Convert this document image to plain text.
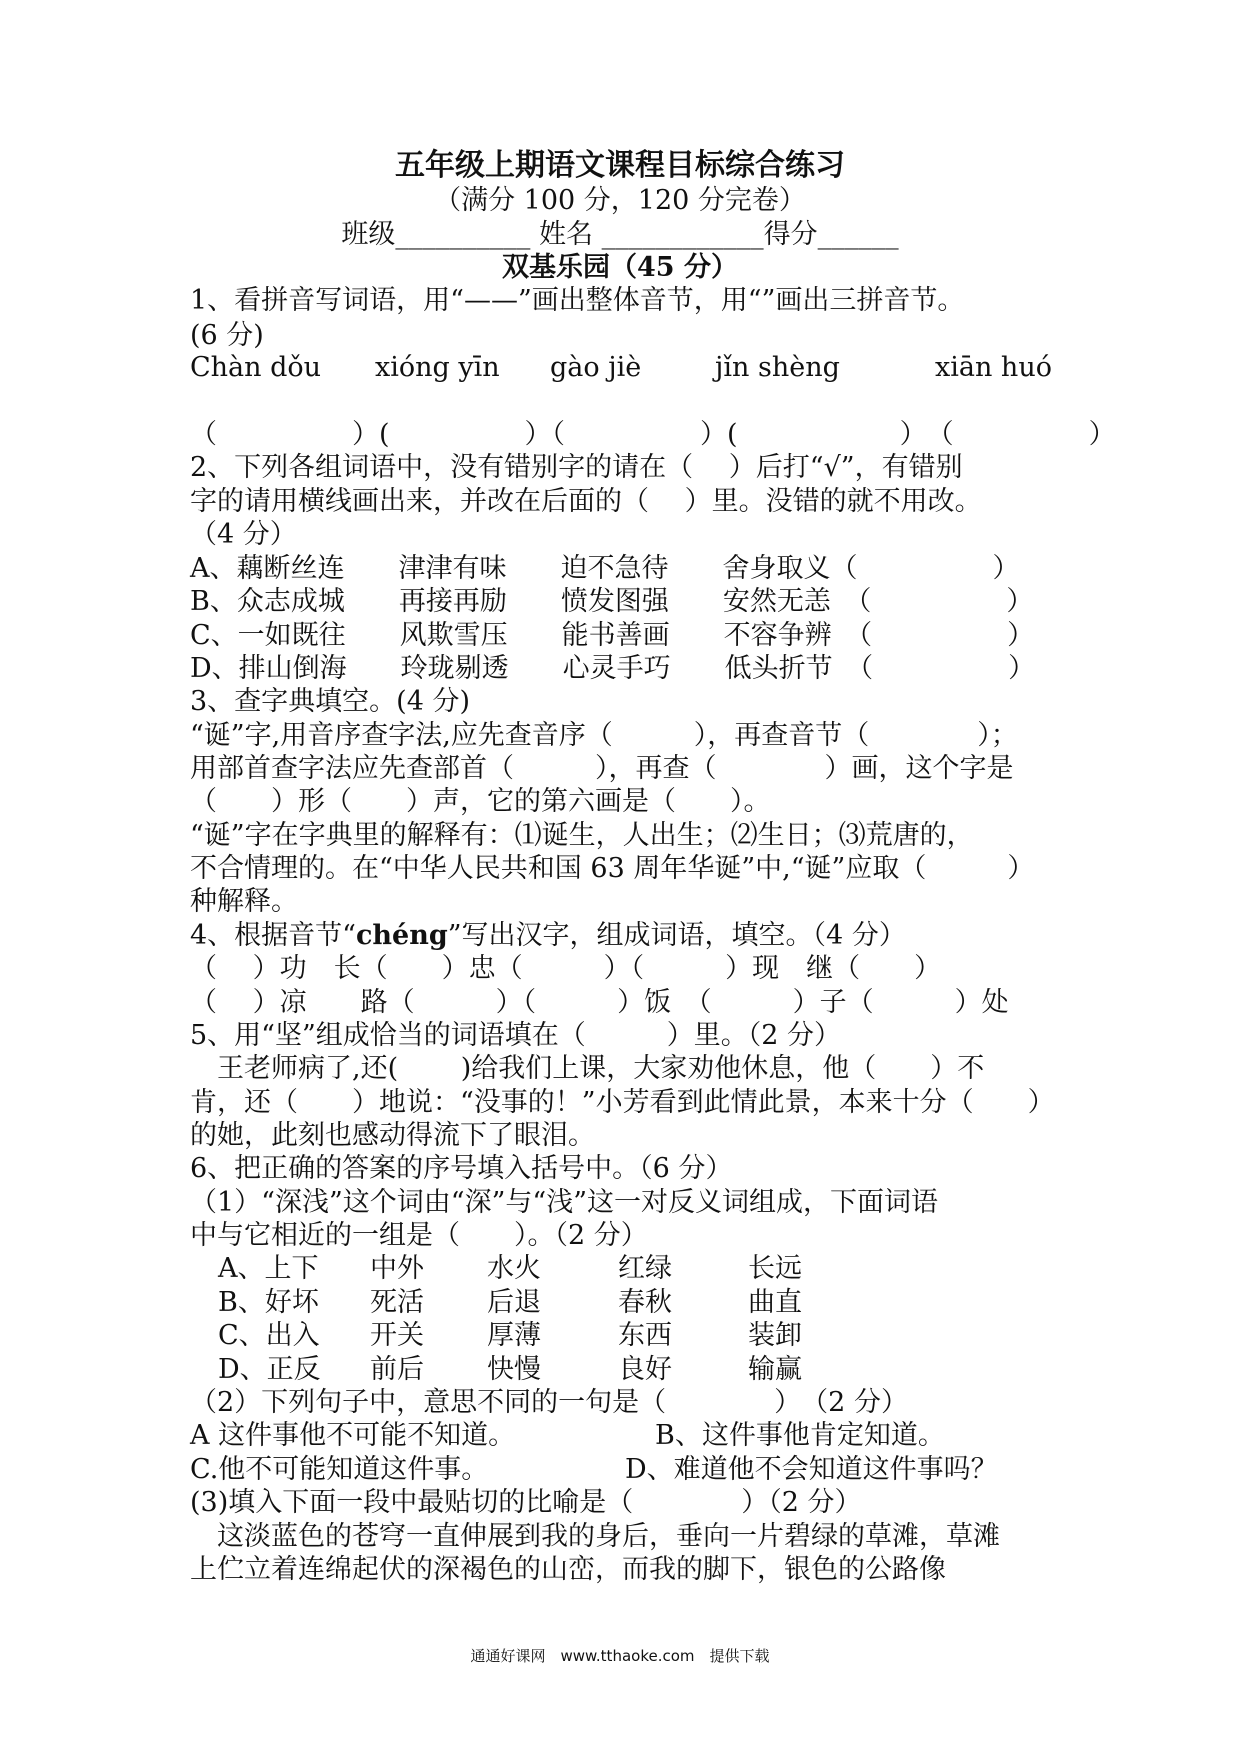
五年级上期语文课程目标综合练习
（满分 100 分，120 分完卷）
班级__________ 姓名 ____________得分______
双基乐园（45 分）
1、看拼音写词语，用“——”画出整体音节，用“”画出三拼音节。
(6 分)
Chàn dǒu xióng yīn gào jiè	jǐn shèng	xiān huó
（　　　　　）(　　　　　）（　　　　　）(　　　　　　）　（　　　　　）
2、下列各组词语中，没有错别字的请在（　 ）后打“√”，有错别
字的请用横线画出来，并改在后面的（　 ）里。没错的就不用改。
（4 分）
A、藕断丝连　　津津有味　　迫不急待　　舍身取义（　　　　　）
B、众志成城　　再接再励　　愤发图强　　安然无恙　（　　　　　）
C、一如既往　　风欺雪压　　能书善画　　不容争辨　（　　　　　）
D、排山倒海　　玲珑剔透　　心灵手巧　　低头折节　（　　　　　）
3、查字典填空。(4 分)
“诞”字,用音序查字法,应先查音序（　　　），再查音节（　　　　）；
用部首查字法应先查部首（　　　），再查（　　　　）画，这个字是
（　　）形（　　）声，它的第六画是（　　）。
“诞”字在字典里的解释有：⑴诞生，人出生；⑵生日；⑶荒唐的，
不合情理的。在“中华人民共和国 63 周年华诞”中,“诞”应取（　　　）
种解释。
4、根据音节“chéng”写出汉字，组成词语，填空。（4 分）
（　 ）功　长（　　）忠（　　　）（　　　）现　继（　　）
（　 ）凉　　路（　　　）（　　　）饭　（　　　）子（　　　）处
5、用“坚”组成恰当的词语填在（　　　）里。（2 分）
　王老师病了,还(　　 )给我们上课，大家劝他休息，他（　　）不
肯，还（　　）地说：“没事的！”小芳看到此情此景，本来十分（　　）
的她，此刻也感动得流下了眼泪。
6、把正确的答案的序号填入括号中。（6 分）
（1）“深浅”这个词由“深”与“浅”这一对反义词组成，下面词语
中与它相近的一组是（　　）。（2 分）
A、上下 中外 水火	红绿	长远
B、好坏 死活 后退	春秋	曲直
C、出入 开关 厚薄	东西	装卸
D、正反 前后 快慢	良好	输赢
（2）下列句子中，意思不同的一句是（　　　　）　（2 分）
A 这件事他不可能不知道。	B、这件事他肯定知道。
C.他不可能知道这件事。	D、难道他不会知道这件事吗？
(3)填入下面一段中最贴切的比喻是（　　　　）（2 分）
　这淡蓝色的苍穹一直伸展到我的身后，垂向一片碧绿的草滩，草滩
上伫立着连绵起伏的深褐色的山峦，而我的脚下，银色的公路像
通通好课网　www.tthaoke.com　提供下载
